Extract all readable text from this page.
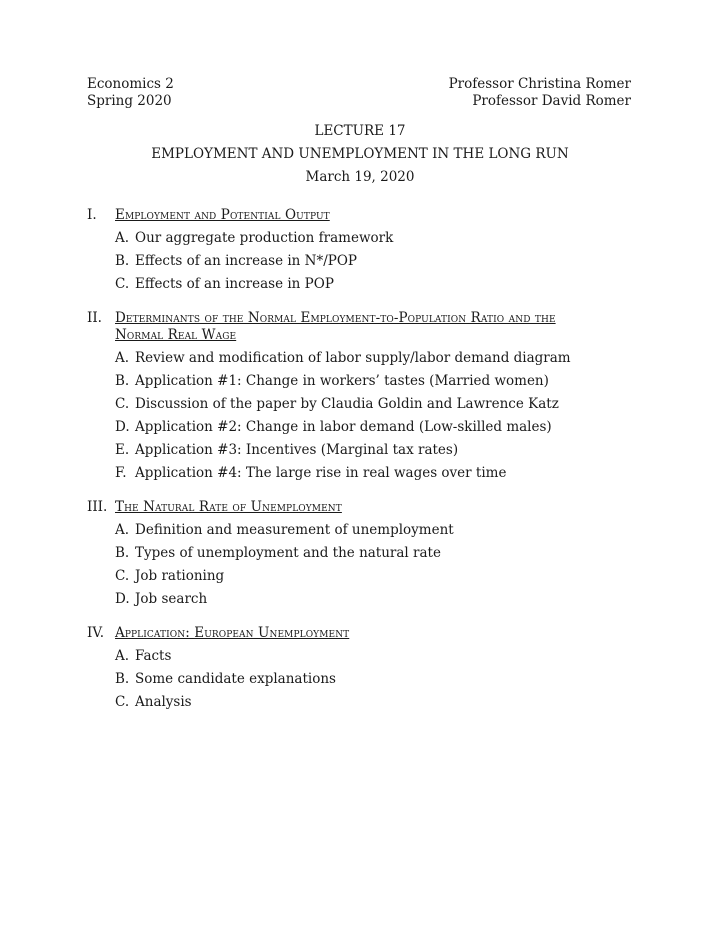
Economics 2	Professor Christina Romer
Spring 2020	Professor David Romer
LECTURE 17
EMPLOYMENT AND UNEMPLOYMENT IN THE LONG RUN
March 19, 2020
I.	Employment and Potential Output
A. Our aggregate production framework
B. Effects of an increase in N*/POP
C. Effects of an increase in POP
II. Determinants of the Normal Employment-to-Population Ratio and the Normal Real Wage
A. Review and modification of labor supply/labor demand diagram
B. Application #1: Change in workers’ tastes (Married women)
C. Discussion of the paper by Claudia Goldin and Lawrence Katz
D. Application #2: Change in labor demand (Low-skilled males)
E. Application #3: Incentives (Marginal tax rates)
F. Application #4: The large rise in real wages over time
III. The Natural Rate of Unemployment
A. Definition and measurement of unemployment
B. Types of unemployment and the natural rate
C. Job rationing
D. Job search
IV. Application: European Unemployment
A. Facts
B. Some candidate explanations
C. Analysis
